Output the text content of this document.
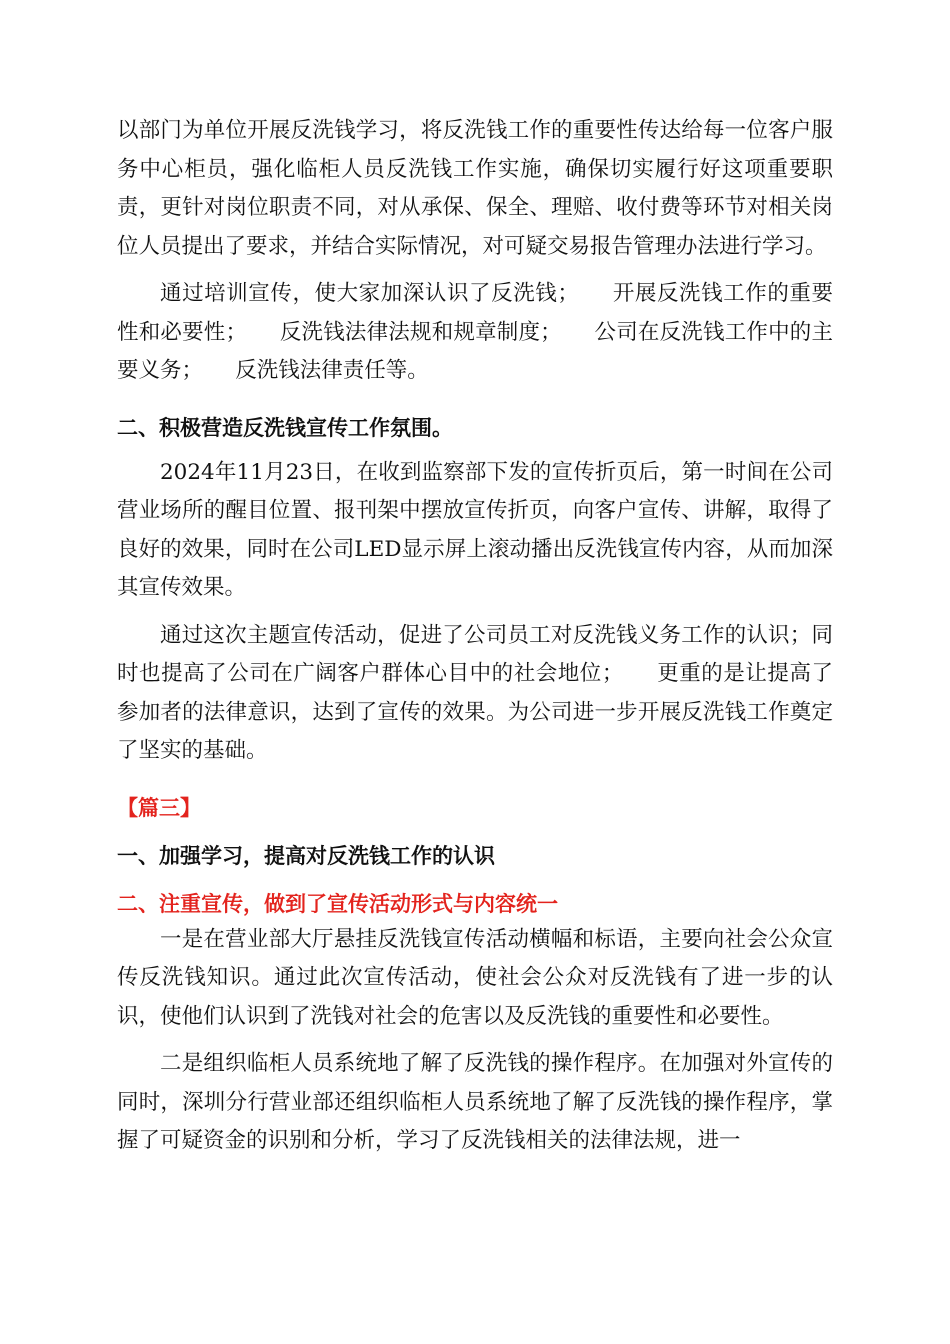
以部门为单位开展反洗钱学习，将反洗钱工作的重要性传达给每一位客户服务中心柜员，强化临柜人员反洗钱工作实施，确保切实履行好这项重要职责，更针对岗位职责不同，对从承保、保全、理赔、收付费等环节对相关岗位人员提出了要求，并结合实际情况，对可疑交易报告管理办法进行学习。

通过培训宣传，使大家加深认识了反洗钱；　　开展反洗钱工作的重要性和必要性；　　反洗钱法律法规和规章制度；　　公司在反洗钱工作中的主要义务；　　反洗钱法律责任等。

二、积极营造反洗钱宣传工作氛围。

2024年11月23日，在收到监察部下发的宣传折页后，第一时间在公司营业场所的醒目位置、报刊架中摆放宣传折页，向客户宣传、讲解，取得了良好的效果，同时在公司LED显示屏上滚动播出反洗钱宣传内容，从而加深其宣传效果。

通过这次主题宣传活动，促进了公司员工对反洗钱义务工作的认识；同时也提高了公司在广阔客户群体心目中的社会地位；　　更重的是让提高了参加者的法律意识，达到了宣传的效果。为公司进一步开展反洗钱工作奠定了坚实的基础。

【篇三】

一、加强学习，提高对反洗钱工作的认识

二、注重宣传，做到了宣传活动形式与内容统一

一是在营业部大厅悬挂反洗钱宣传活动横幅和标语，主要向社会公众宣传反洗钱知识。通过此次宣传活动，使社会公众对反洗钱有了进一步的认识，使他们认识到了洗钱对社会的危害以及反洗钱的重要性和必要性。

二是组织临柜人员系统地了解了反洗钱的操作程序。在加强对外宣传的同时，深圳分行营业部还组织临柜人员系统地了解了反洗钱的操作程序，掌握了可疑资金的识别和分析，学习了反洗钱相关的法律法规，进一
